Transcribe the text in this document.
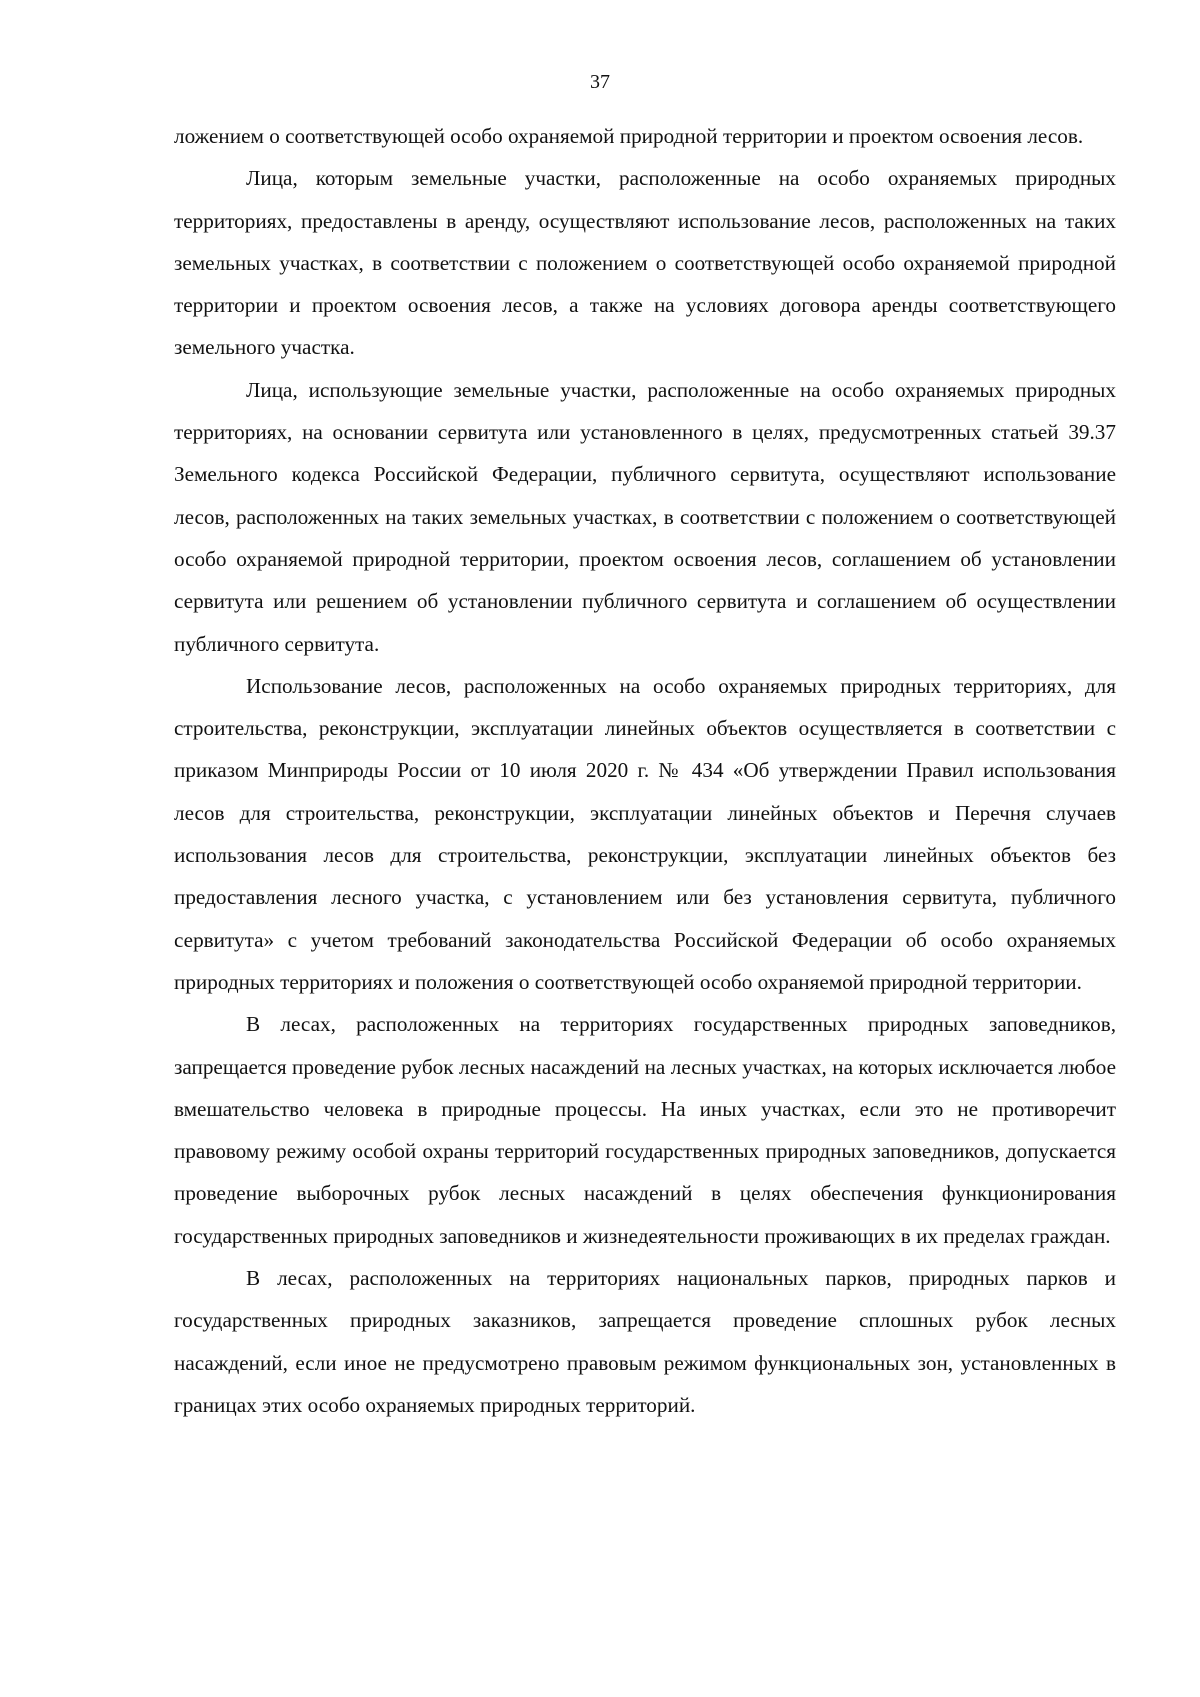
37

ложением о соответствующей особо охраняемой природной территории и проектом освоения лесов.

Лица, которым земельные участки, расположенные на особо охраняемых природных территориях, предоставлены в аренду, осуществляют использование лесов, расположенных на таких земельных участках, в соответствии с положением о соответствующей особо охраняемой природной территории и проектом освоения лесов, а также на условиях договора аренды соответствующего земельного участка.

Лица, использующие земельные участки, расположенные на особо охраняемых природных территориях, на основании сервитута или установленного в целях, предусмотренных статьей 39.37 Земельного кодекса Российской Федерации, публичного сервитута, осуществляют использование лесов, расположенных на таких земельных участках, в соответствии с положением о соответствующей особо охраняемой природной территории, проектом освоения лесов, соглашением об установлении сервитута или решением об установлении публичного сервитута и соглашением об осуществлении публичного сервитута.

Использование лесов, расположенных на особо охраняемых природных территориях, для строительства, реконструкции, эксплуатации линейных объектов осуществляется в соответствии с приказом Минприроды России от 10 июля 2020 г. № 434 «Об утверждении Правил использования лесов для строительства, реконструкции, эксплуатации линейных объектов и Перечня случаев использования лесов для строительства, реконструкции, эксплуатации линейных объектов без предоставления лесного участка, с установлением или без установления сервитута, публичного сервитута» с учетом требований законодательства Российской Федерации об особо охраняемых природных территориях и положения о соответствующей особо охраняемой природной территории.

В лесах, расположенных на территориях государственных природных заповедников, запрещается проведение рубок лесных насаждений на лесных участках, на которых исключается любое вмешательство человека в природные процессы. На иных участках, если это не противоречит правовому режиму особой охраны территорий государственных природных заповедников, допускается проведение выборочных рубок лесных насаждений в целях обеспечения функционирования государственных природных заповедников и жизнедеятельности проживающих в их пределах граждан.

В лесах, расположенных на территориях национальных парков, природных парков и государственных природных заказников, запрещается проведение сплошных рубок лесных насаждений, если иное не предусмотрено правовым режимом функциональных зон, установленных в границах этих особо охраняемых природных территорий.
